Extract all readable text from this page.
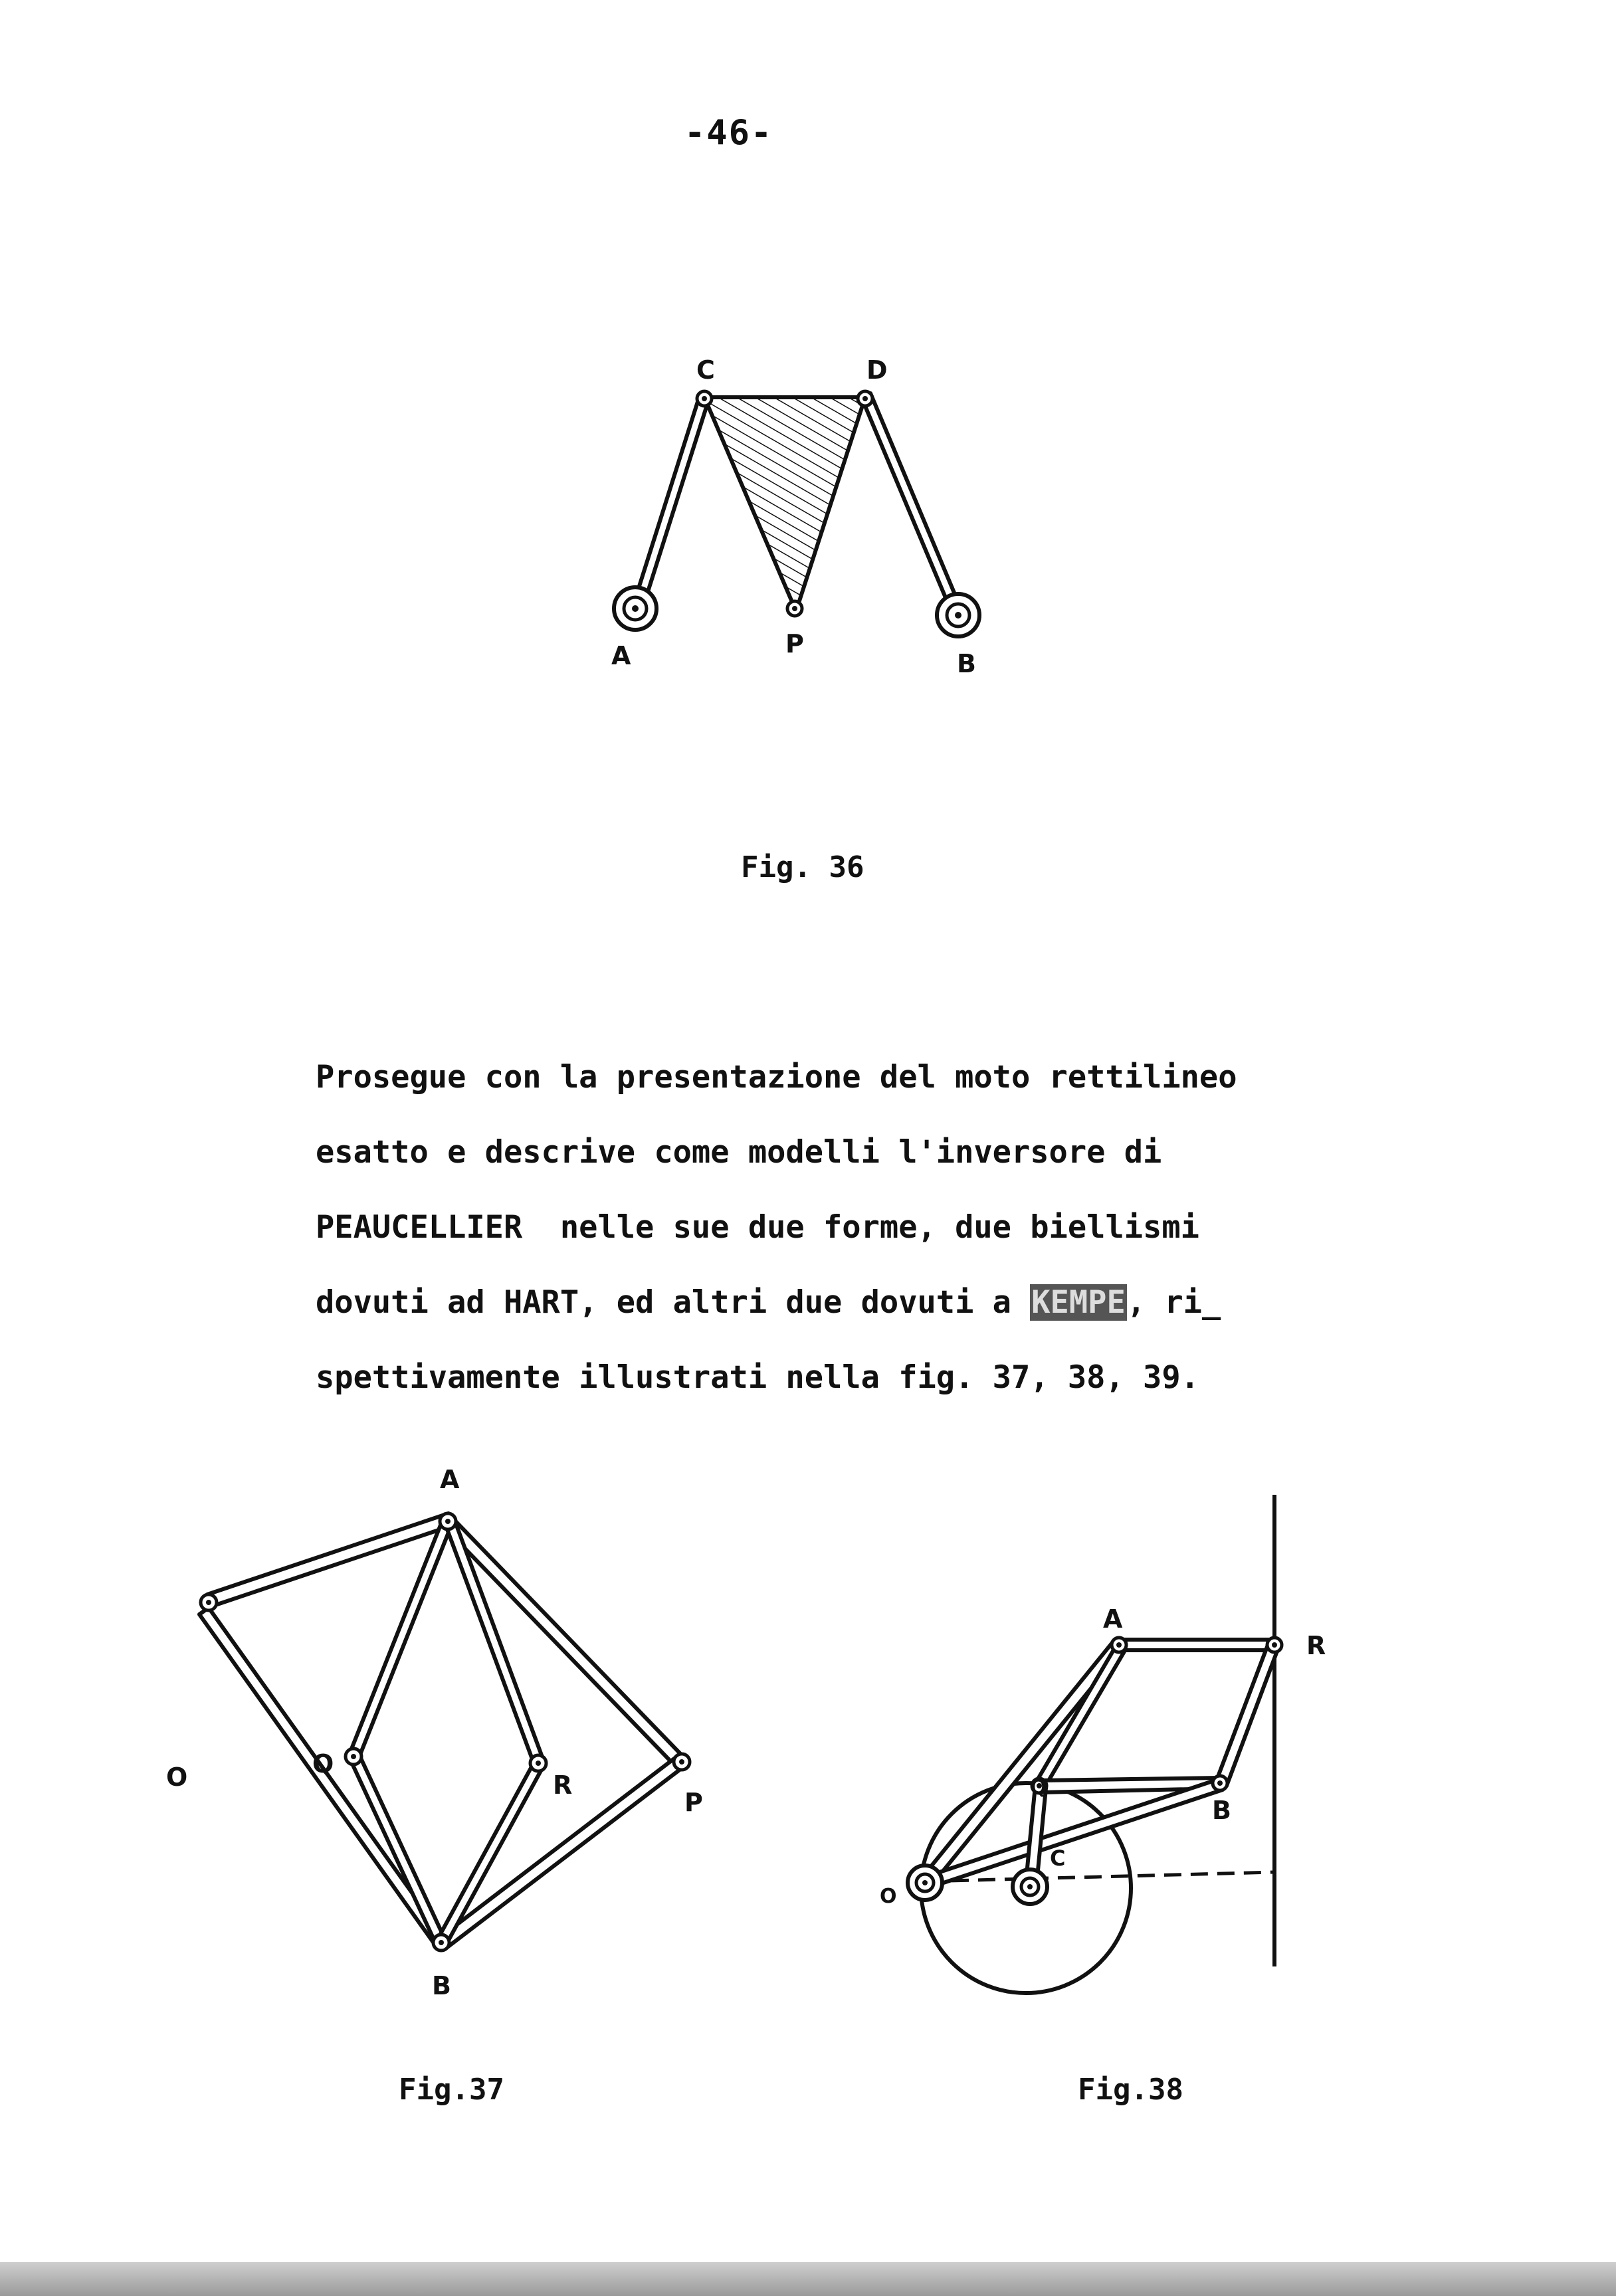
-46-
C	D
A	P
B
Fig. 36

Prosegue con la presentazione del moto rettilineo

esatto e descrive come modelli l'inversore di

PEAUCELLIER  nelle sue due forme, due biellismi

dovuti ad HART, ed altri due dovuti a KEMPE, ri_

spettivamente illustrati nella fig. 37, 38, 39.

A
O	Q
R
P
B
Fig.37
A
R
Q
B
O
C
Fig.38
